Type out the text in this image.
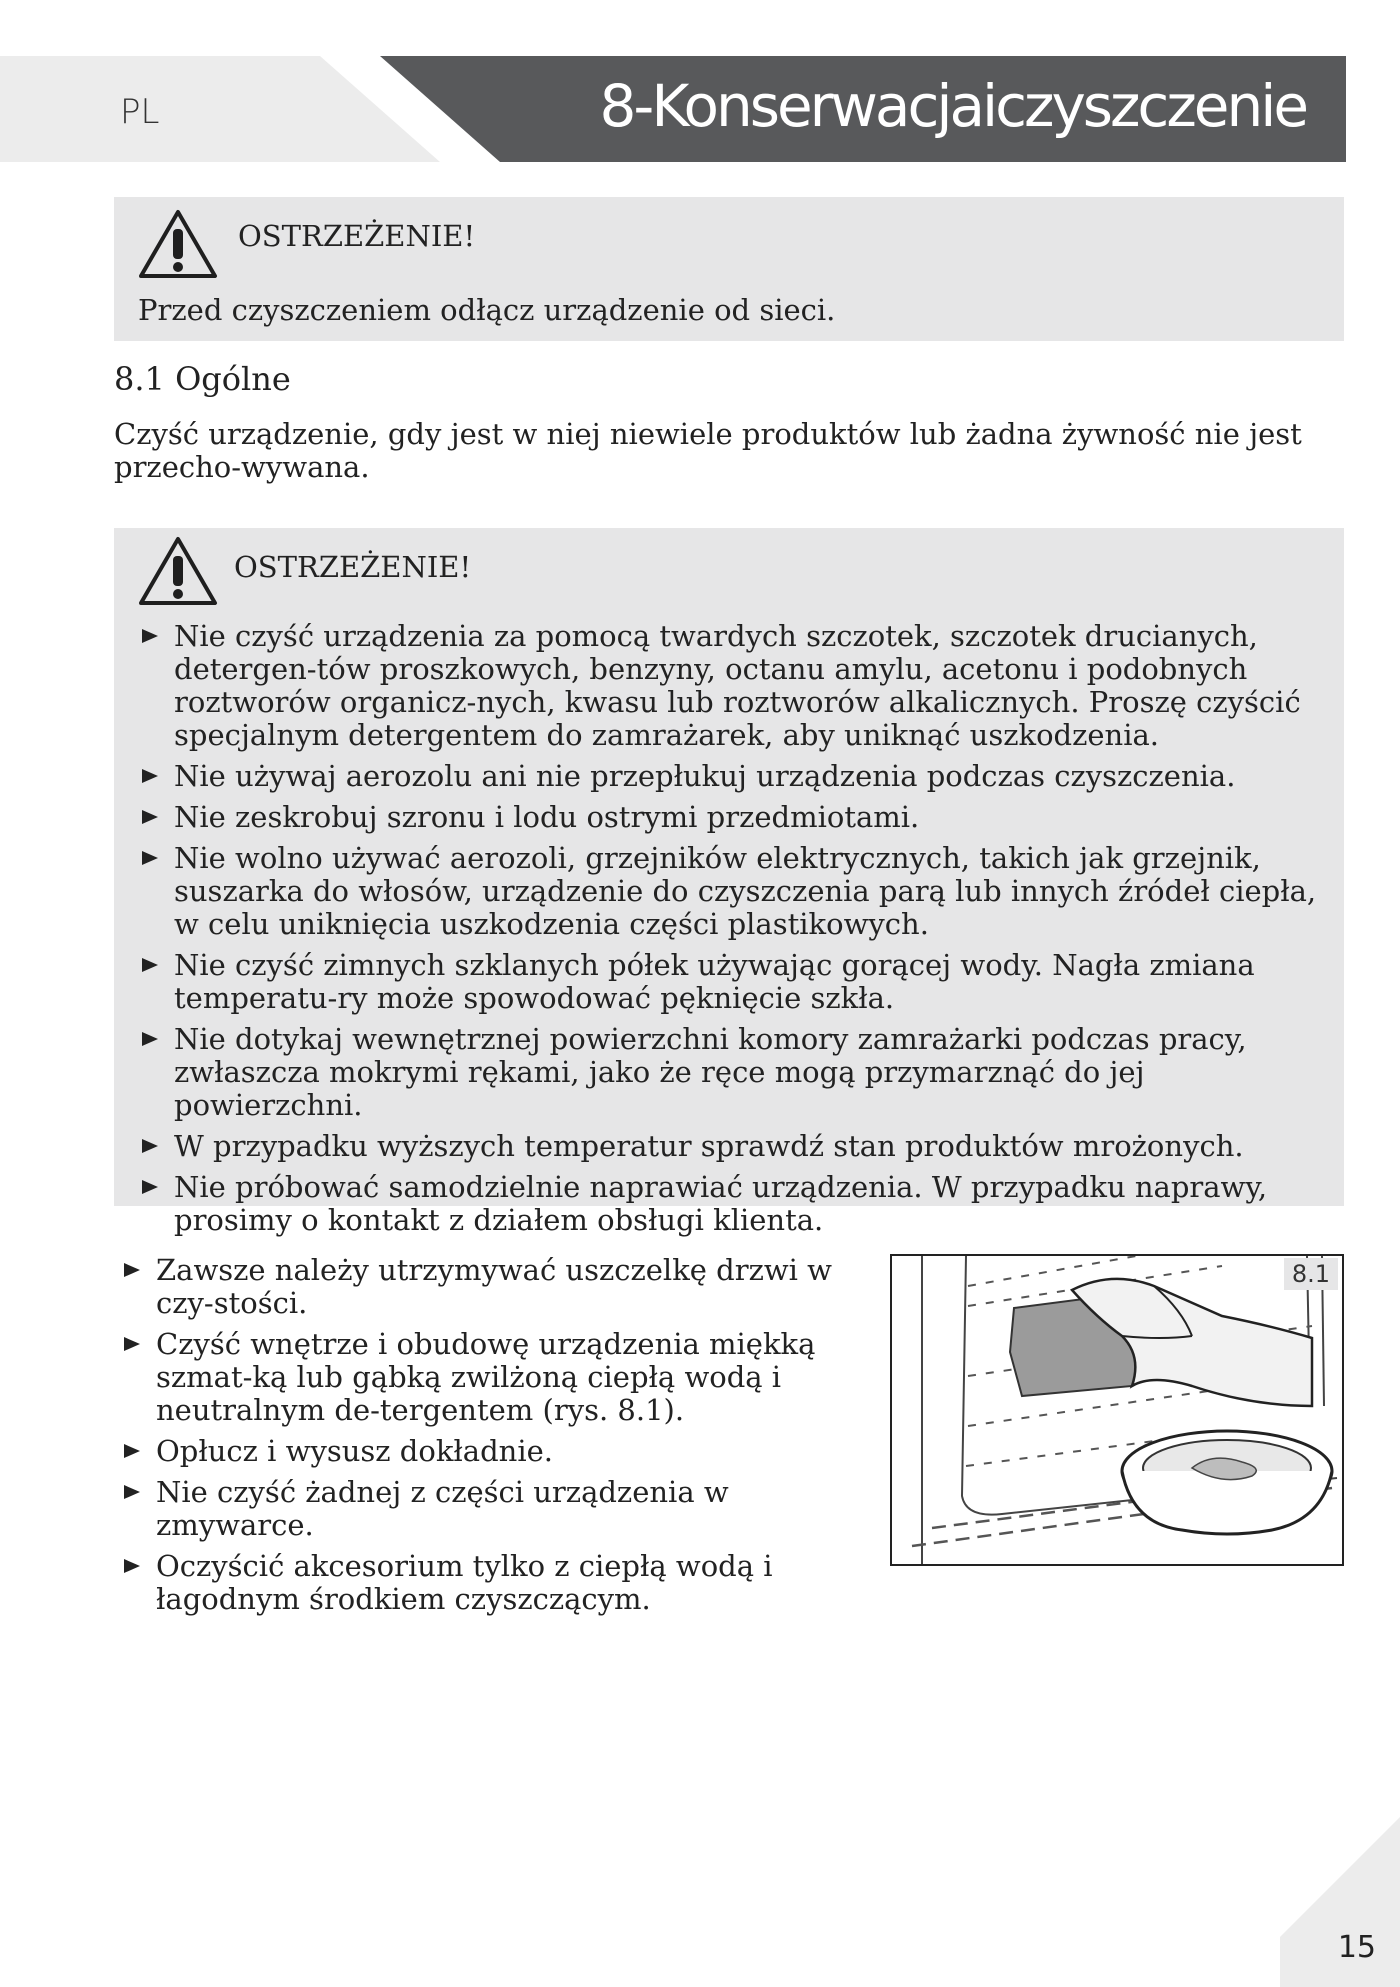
PL	8-Konserwacjaiczyszczenie
OSTRZEŻENIE!
Przed czyszczeniem odłącz urządzenie od sieci.
8.1 Ogólne
Czyść urządzenie, gdy jest w niej niewiele produktów lub żadna żywność nie jest przecho-wywana.
OSTRZEŻENIE!
Nie czyść urządzenia za pomocą twardych szczotek, szczotek drucianych, detergen-tów proszkowych, benzyny, octanu amylu, acetonu i podobnych roztworów organicz-nych, kwasu lub roztworów alkalicznych. Proszę czyścić specjalnym detergentem do zamrażarek, aby uniknąć uszkodzenia.
Nie używaj aerozolu ani nie przepłukuj urządzenia podczas czyszczenia.
Nie zeskrobuj szronu i lodu ostrymi przedmiotami.
Nie wolno używać aerozoli, grzejników elektrycznych, takich jak grzejnik, suszarka do włosów, urządzenie do czyszczenia parą lub innych źródeł ciepła, w celu uniknięcia uszkodzenia części plastikowych.
Nie czyść zimnych szklanych półek używając gorącej wody. Nagła zmiana temperatu-ry może spowodować pęknięcie szkła.
Nie dotykaj wewnętrznej powierzchni komory zamrażarki podczas pracy, zwłaszcza mokrymi rękami, jako że ręce mogą przymarznąć do jej powierzchni.
W przypadku wyższych temperatur sprawdź stan produktów mrożonych.
Nie próbować samodzielnie naprawiać urządzenia. W przypadku naprawy, prosimy o kontakt z działem obsługi klienta.
Zawsze należy utrzymywać uszczelkę drzwi w czy-stości.
Czyść wnętrze i obudowę urządzenia miękką szmat-ką lub gąbką zwilżoną ciepłą wodą i neutralnym de-tergentem (rys. 8.1).
Opłucz i wysusz dokładnie.
Nie czyść żadnej z części urządzenia w zmywarce.
Oczyścić akcesorium tylko z ciepłą wodą i łagodnym środkiem czyszczącym.
8.1
15
